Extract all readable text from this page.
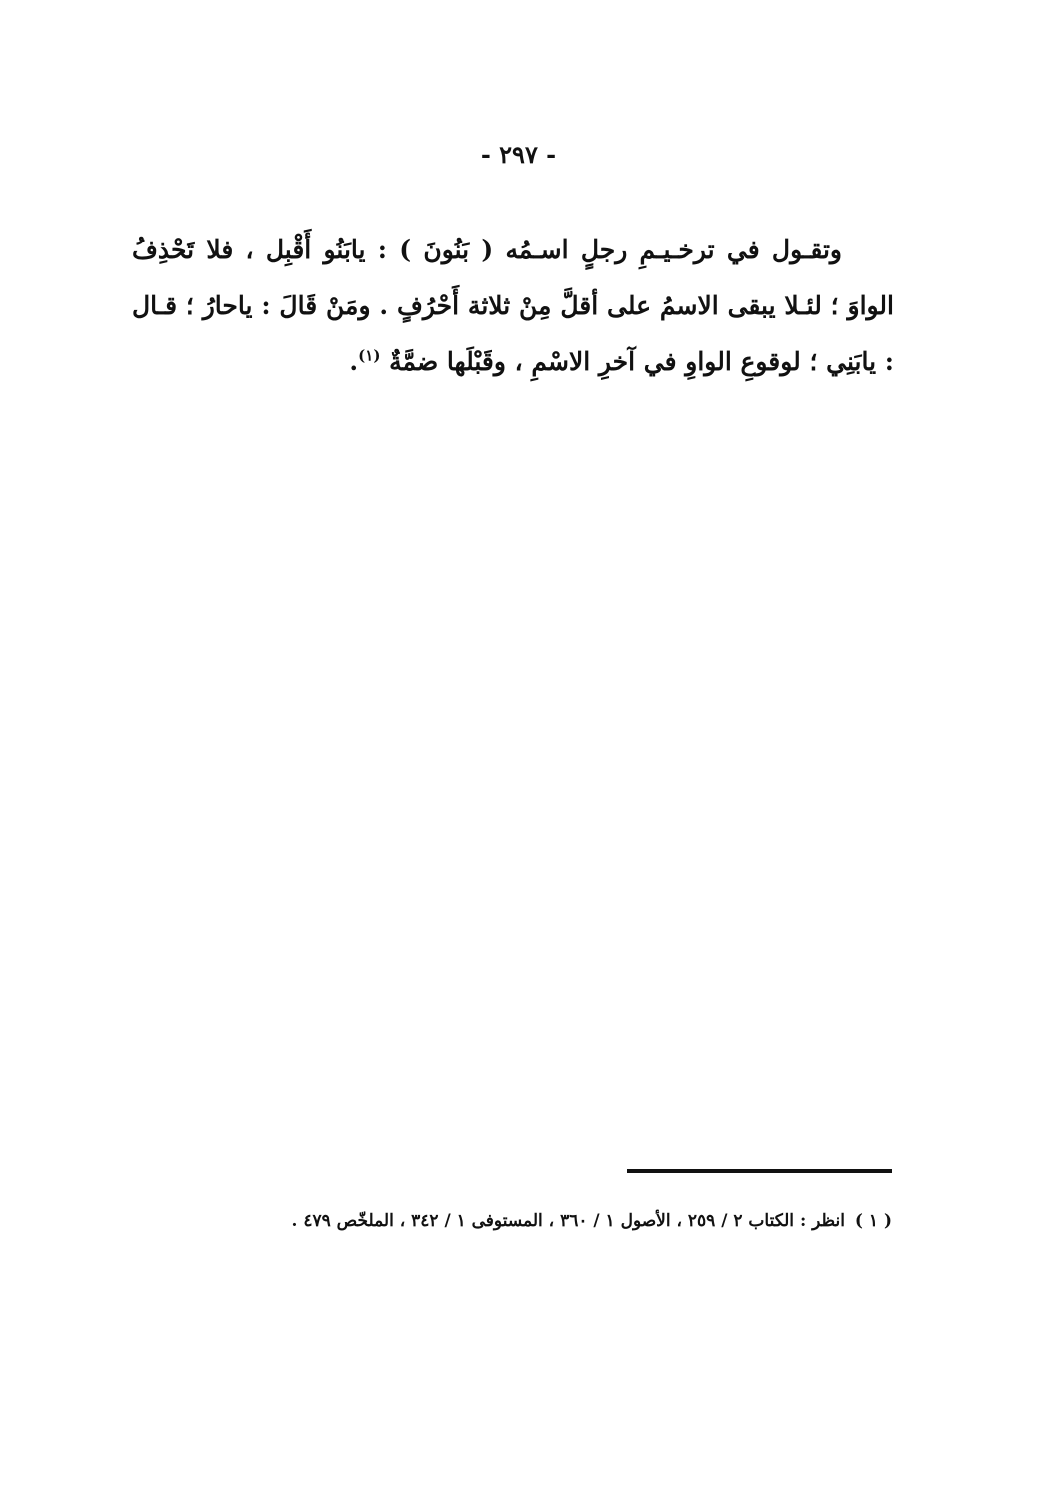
- ٢٩٧ -

وتقـول في ترخـيـمِ رجلٍ اسـمُه ( بَنُونَ ) : يابَنُو أَقْبِل ، فلا تَحْذِفُ الواوَ ؛ لئـلا يبقى الاسمُ على أقلَّ مِنْ ثلاثة أَحْرُفٍ . ومَنْ قَالَ : ياحارُ ؛ قـال : يابَنِي ؛ لوقوعِ الواوِ في آخرِ الاسْمِ ، وقَبْلَها ضمَّةٌ $^{(١)}$.

( ١ )انظر : الكتاب ٢ / ٢٥٩ ، الأصول ١ / ٣٦٠ ، المستوفى ١ / ٣٤٢ ، الملخّص ٤٧٩ .
